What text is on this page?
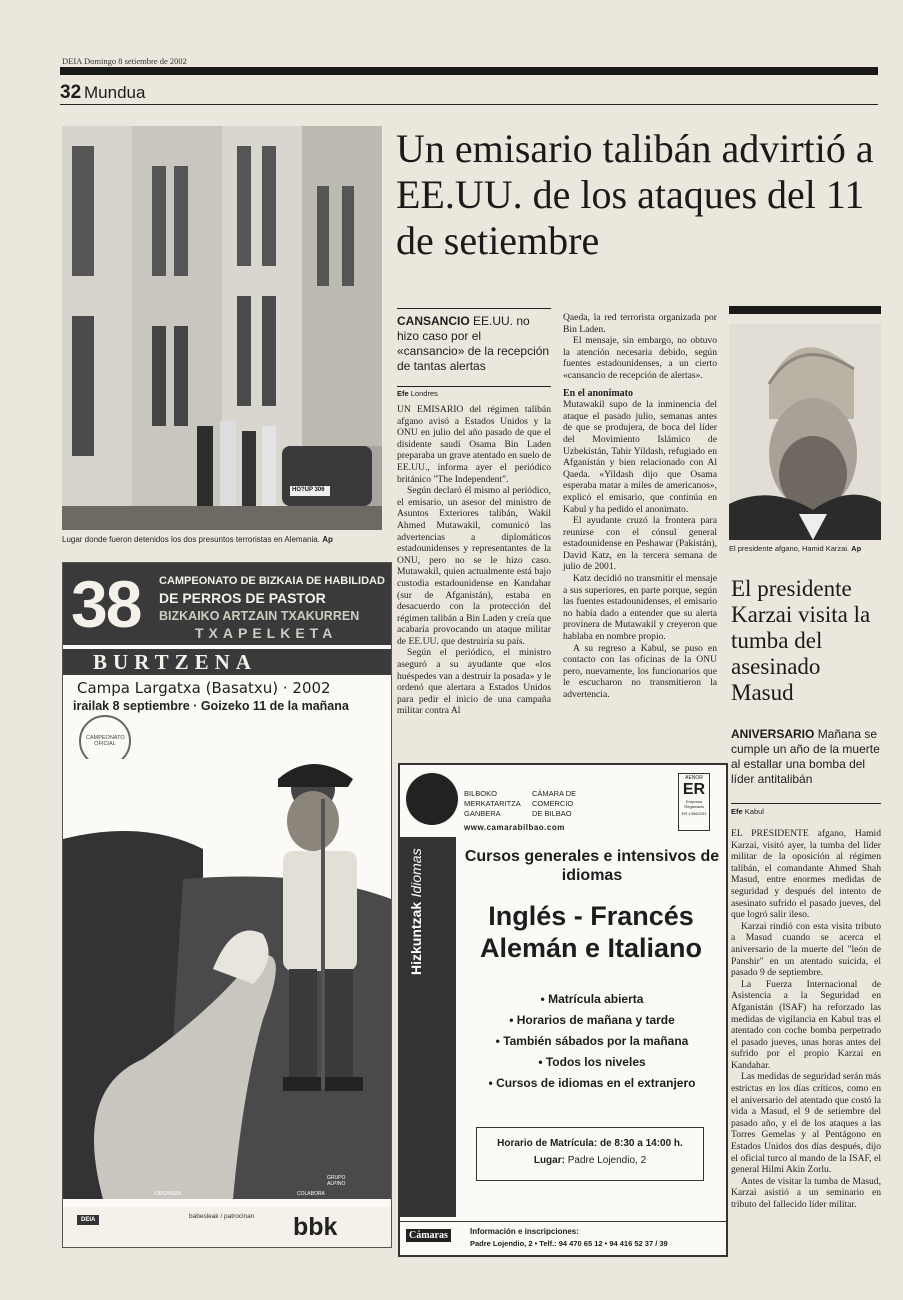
DEIA Domingo 8 setiembre de 2002
32 Mundua
HO?UP 306
Lugar donde fueron detenidos los dos presuntos terroristas en Alemania. Ap
Un emisario talibán advirtió a EE.UU. de los ataques del 11 de setiembre
CANSANCIO EE.UU. no hizo caso por el «cansancio» de la recepción de tantas alertas
Efe Londres

UN EMISARIO del régimen talibán afgano avisó a Estados Unidos y la ONU en julio del año pasado de que el disidente saudí Osama Bin Laden preparaba un grave atentado en suelo de EE.UU., informa ayer el periódico británico "The Independent".

Según declaró él mismo al periódico, el emisario, un asesor del ministro de Asuntos Exteriores talibán, Wakil Ahmed Mutawakil, comunicó las advertencias a diplomáticos estadounidenses y representantes de la ONU, pero no se le hizo caso. Mutawakil, quien actualmente está bajo custodia estadounidense en Kandahar (sur de Afganistán), estaba en desacuerdo con la protección del régimen talibán a Bin Laden y creía que acabaría provocando un ataque militar de EE.UU. que destruiría su país.

Según el periódico, el ministro aseguró a su ayudante que «los huéspedes van a destruir la posada» y le ordenó que alertara a Estados Unidos para pedir el inicio de una campaña militar contra Al

Qaeda, la red terrorista organizada por Bin Laden.

El mensaje, sin embargo, no obtuvo la atención necesaria debido, según fuentes estadounidenses, a un cierto «cansancio de recepción de alertas».

En el anonimato

Mutawakil supo de la inminencia del ataque el pasado julio, semanas antes de que se produjera, de boca del líder del Movimiento Islámico de Uzbekistán, Tahir Yildash, refugiado en Afganistán y bien relacionado con Al Qaeda. «Yildash dijo que Osama esperaba matar a miles de americanos», explicó el emisario, que continúa en Kabul y ha pedido el anonimato.

El ayudante cruzó la frontera para reunirse con el cónsul general estadounidense en Peshawar (Pakistán), David Katz, en la tercera semana de julio de 2001.

Katz decidió no transmitir el mensaje a sus superiores, en parte porque, según las fuentes estadounidenses, el emisario no había dado a entender que su alerta provinera de Mutawakil y creyeron que hablaba en nombre propio.

A su regreso a Kabul, se puso en contacto con las oficinas de la ONU pero, nuevamente, los funcionarios que le escucharon no transmitieron la advertencia.

El presidente afgano, Hamid Karzai. Ap
El presidente Karzai visita la tumba del asesinado Masud
ANIVERSARIO Mañana se cumple un año de la muerte al estallar una bomba del líder antitalibán
Efe Kabul

EL PRESIDENTE afgano, Hamid Karzai, visitó ayer, la tumba del líder militar de la oposición al régimen talibán, el comandante Ahmed Shah Masud, entre enormes medidas de seguridad y después del intento de asesinato sufrido el pasado jueves, del que logró salir ileso.

Karzai rindió con esta visita tributo a Masud cuando se acerca el aniversario de la muerte del "león de Panshir" en un atentado suicida, el pasado 9 de septiembre.

La Fuerza Internacional de Asistencia a la Seguridad en Afganistán (ISAF) ha reforzado las medidas de vigilancia en Kabul tras el atentado con coche bomba perpetrado el pasado jueves, unas horas antes del sufrido por el propio Karzai en Kandahar.

Las medidas de seguridad serán más estrictas en los días críticos, como en el aniversario del atentado que costó la vida a Masud, el 9 de setiembre del pasado año, y el de los ataques a las Torres Gemelas y al Pentágono en Estados Unidos dos días después, dijo el oficial turco al mando de la ISAF, el general Hilmi Akin Zorlu.

Antes de visitar la tumba de Masud, Karzai asistió a un seminario en tributo del fallecido líder militar.

38 CAMPEONATO DE BIZKAIA DE HABILIDAD
DE PERROS DE PASTOR
BIZKAIKO ARTZAIN TXAKURREN
TXAPELKETA
BURTZENA
Campa Largatxa (Basatxu) · 2002
irailak 8 septiembre · Goizeko 11 de la mañana
CAMPEONATO OFICIAL
ORGANIZA	COLABORA
GRUPO ALPINO
DEIA	babesleak / patrocinan bbk
BILBOKO
MERKATARITZA
GANBERA
CÁMARA DE
COMERCIO
DE BILBAO
www.camarabilbao.com
AENOR
ER
Empresa Registrada
ER-1396/2/01
Hizkuntzak Idiomas	Cursos generales e intensivos de idiomas
Inglés - Francés
Alemán e Italiano
• Matrícula abierta
• Horarios de mañana y tarde
• También sábados por la mañana
• Todos los niveles
• Cursos de idiomas en el extranjero
Horario de Matrícula: de 8:30 a 14:00 h.
Lugar: Padre Lojendio, 2
Cámaras	Información e inscripciones:
Padre Lojendio, 2 • Telf.: 94 470 65 12 • 94 416 52 37 / 39
